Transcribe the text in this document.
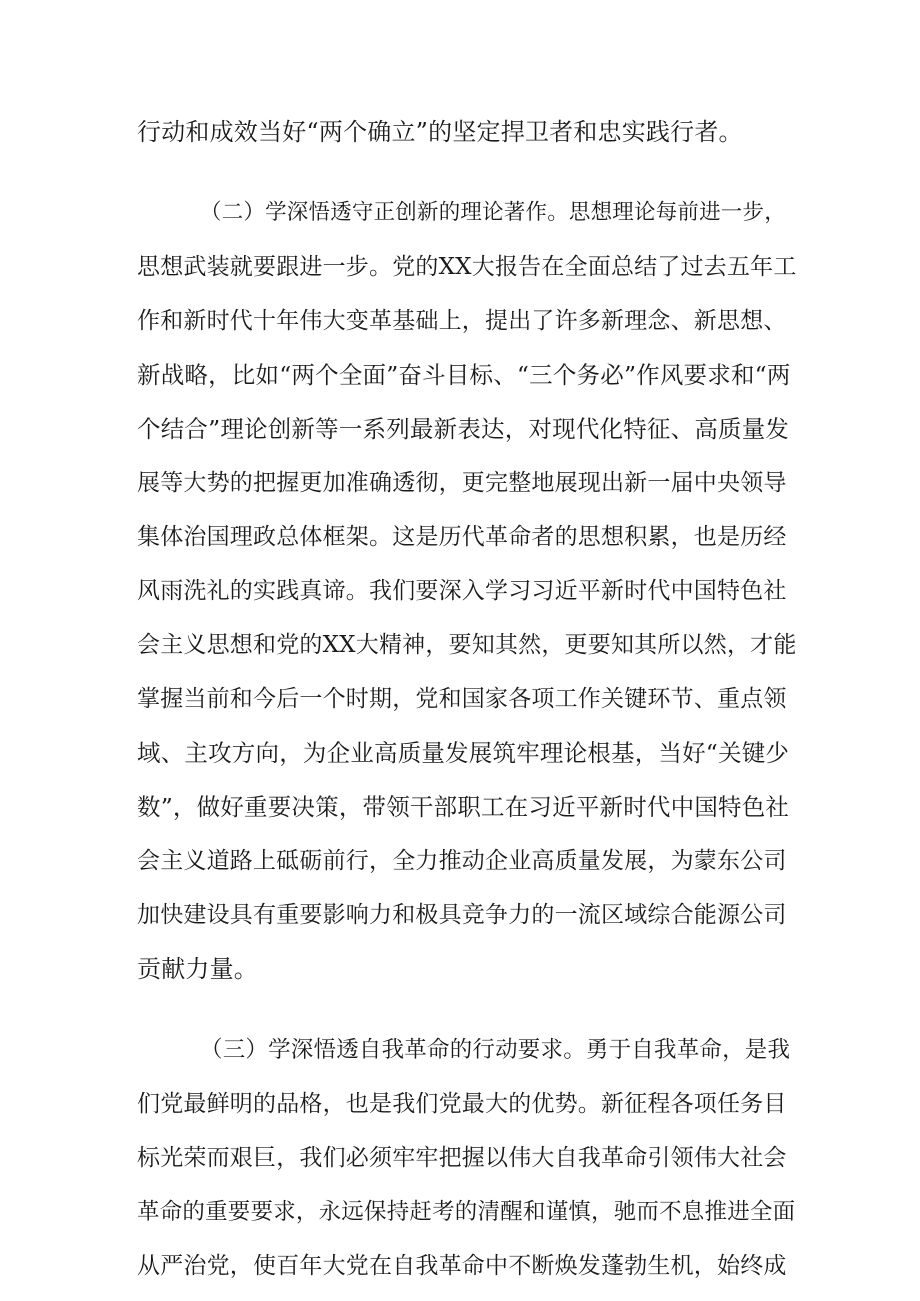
行动和成效当好“两个确立”的坚定捍卫者和忠实践行者。
（二）学深悟透守正创新的理论著作。思想理论每前进一步，
思想武装就要跟进一步。党的XX大报告在全面总结了过去五年工
作和新时代十年伟大变革基础上，提出了许多新理念、新思想、
新战略，比如“两个全面”奋斗目标、“三个务必”作风要求和“两
个结合”理论创新等一系列最新表达，对现代化特征、高质量发
展等大势的把握更加准确透彻，更完整地展现出新一届中央领导
集体治国理政总体框架。这是历代革命者的思想积累，也是历经
风雨洗礼的实践真谛。我们要深入学习习近平新时代中国特色社
会主义思想和党的XX大精神，要知其然，更要知其所以然，才能
掌握当前和今后一个时期，党和国家各项工作关键环节、重点领
域、主攻方向，为企业高质量发展筑牢理论根基，当好“关键少
数”，做好重要决策，带领干部职工在习近平新时代中国特色社
会主义道路上砥砺前行，全力推动企业高质量发展，为蒙东公司
加快建设具有重要影响力和极具竞争力的一流区域综合能源公司
贡献力量。
（三）学深悟透自我革命的行动要求。勇于自我革命，是我
们党最鲜明的品格，也是我们党最大的优势。新征程各项任务目
标光荣而艰巨，我们必须牢牢把握以伟大自我革命引领伟大社会
革命的重要要求，永远保持赶考的清醒和谨慎，驰而不息推进全面
从严治党，使百年大党在自我革命中不断焕发蓬勃生机，始终成
